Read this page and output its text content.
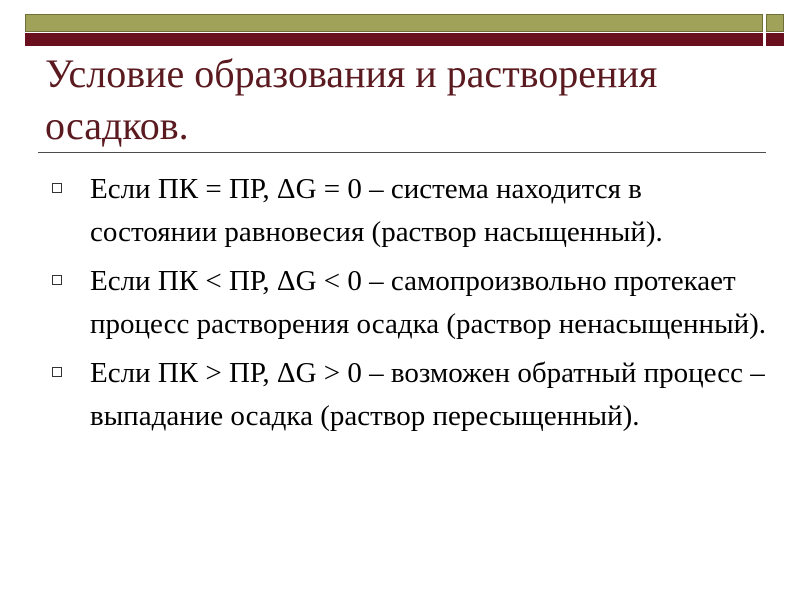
Условие образования и растворения осадков.
Если ПК = ПР, ΔG = 0 – система находится в состоянии равновесия (раствор насыщенный).
Если ПК < ПР, ΔG < 0 – самопроизвольно протекает процесс растворения осадка (раствор ненасыщенный).
Если ПК > ПР, ΔG > 0 – возможен обратный процесс – выпадание осадка (раствор пересыщенный).
